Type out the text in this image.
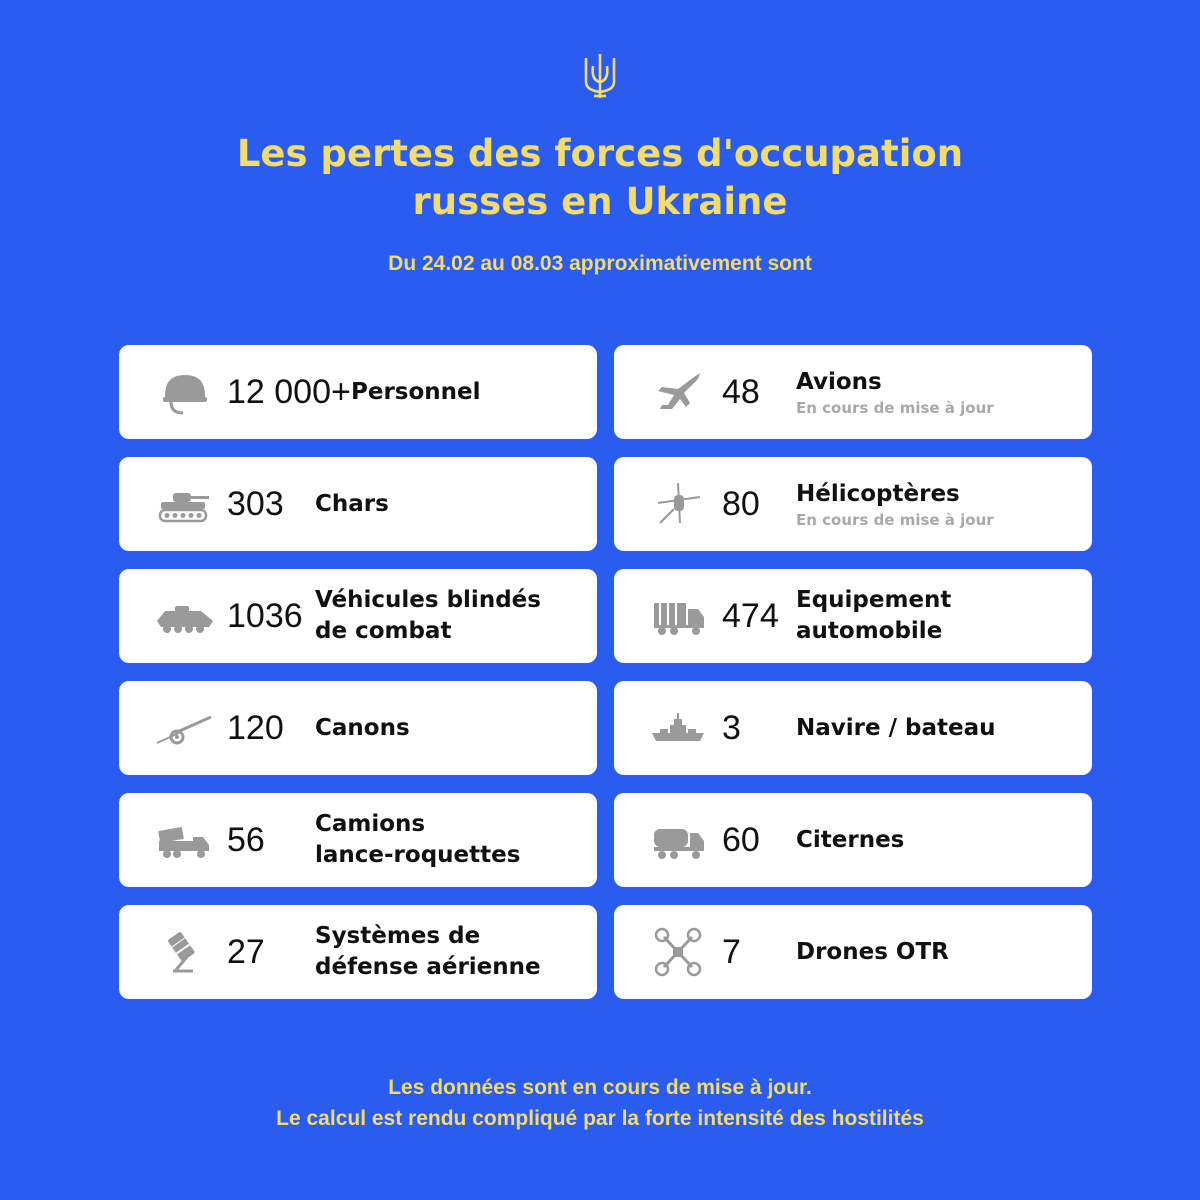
Les pertes des forces d'occupation
russes en Ukraine
Du 24.02 au 08.03 approximativement sont
12 000+ Personnel
303 Chars
1036 Véhicules blindés
de combat
120 Canons
56 Camions
lance-roquettes
27 Systèmes de
défense aérienne
48 Avions
En cours de mise à jour
80 Hélicoptères
En cours de mise à jour
474 Equipement
automobile
3 Navire / bateau
60 Citernes
7 Drones OTR
Les données sont en cours de mise à jour.
Le calcul est rendu compliqué par la forte intensité des hostilités
